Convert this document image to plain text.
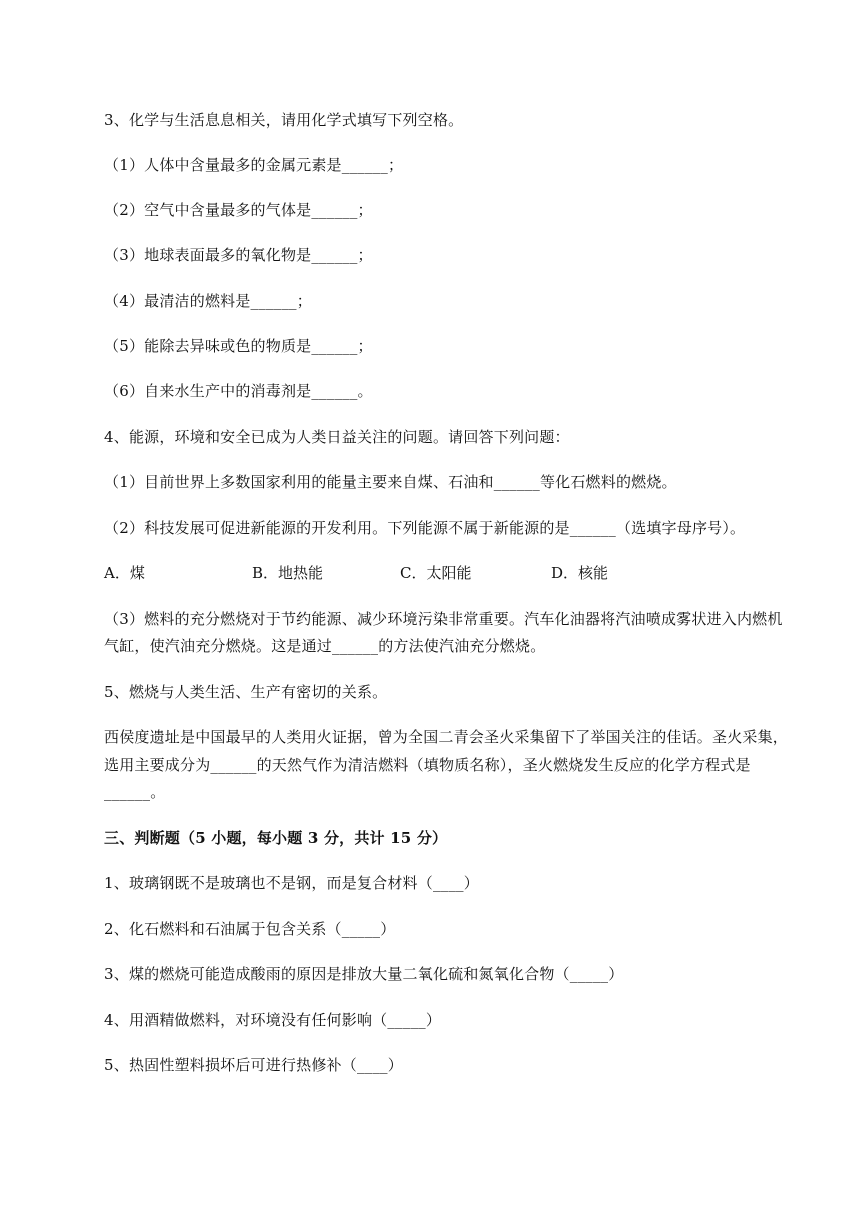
3、化学与生活息息相关，请用化学式填写下列空格。
（1）人体中含量最多的金属元素是______；
（2）空气中含量最多的气体是______；
（3）地球表面最多的氧化物是______；
（4）最清洁的燃料是______；
（5）能除去异味或色的物质是______；
（6）自来水生产中的消毒剂是______。
4、能源，环境和安全已成为人类日益关注的问题。请回答下列问题：
（1）目前世界上多数国家利用的能量主要来自煤、石油和______等化石燃料的燃烧。
（2）科技发展可促进新能源的开发利用。下列能源不属于新能源的是______（选填字母序号）。
A．煤	B．地热能	C．太阳能	D．核能
（3）燃料的充分燃烧对于节约能源、减少环境污染非常重要。汽车化油器将汽油喷成雾状进入内燃机
气缸，使汽油充分燃烧。这是通过______的方法使汽油充分燃烧。
5、燃烧与人类生活、生产有密切的关系。
西侯度遗址是中国最早的人类用火证据，曾为全国二青会圣火采集留下了举国关注的佳话。圣火采集，
选用主要成分为______的天然气作为清洁燃料（填物质名称），圣火燃烧发生反应的化学方程式是
______。
三、判断题（5 小题，每小题 3 分，共计 15 分）
1、玻璃钢既不是玻璃也不是钢，而是复合材料（____）
2、化石燃料和石油属于包含关系（_____）
3、煤的燃烧可能造成酸雨的原因是排放大量二氧化硫和氮氧化合物（_____）
4、用酒精做燃料，对环境没有任何影响（_____）
5、热固性塑料损坏后可进行热修补（____）
